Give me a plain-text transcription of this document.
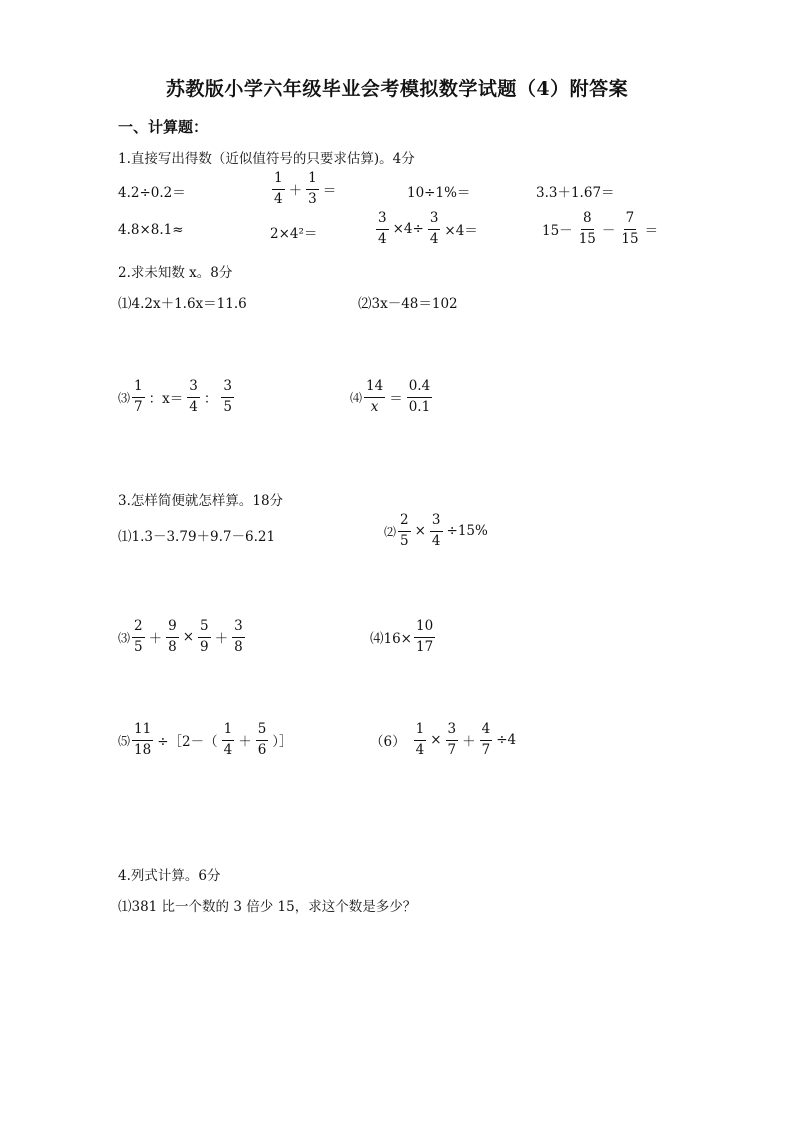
苏教版小学六年级毕业会考模拟数学试题（4）附答案
一、计算题：
1.直接写出得数（近似值符号的只要求估算)。4分
4.2÷0.2＝	$\frac{1}{4} + \frac{1}{3}$ ＝	10÷1%＝	3.3＋1.67＝
4.8×8.1≈	2×4²＝	$\frac{3}{4} \times 4\div \frac{3}{4} \times 4=$	$15- \frac{8}{15} - \frac{7}{15}$ ＝
2.求未知数 x。8分
⑴4.2x＋1.6x＝11.6	⑵3x－48＝102
⑶ $\frac{1}{7}$ ：$x= \frac{3}{4}$ ： $\frac{3}{5}$	⑷ $\frac{14}{x} = \frac{0.4}{0.1}$
3.怎样简便就怎样算。18分
⑴1.3－3.79＋9.7－6.21	⑵ $\frac{2}{5} \times \frac{3}{4} \div 15\%$
⑶ $\frac{2}{5} + \frac{9}{8} \times \frac{5}{9} + \frac{3}{8}$	⑷16× $\frac{10}{17}$
⑸ $\frac{11}{18}$ ÷［2－（ $\frac{1}{4} + \frac{5}{6}$ ）］	$(6) \frac{1}{4} \times \frac{3}{7} + \frac{4}{7} \div 4$
4.列式计算。6分
⑴381 比一个数的 3 倍少 15，求这个数是多少？
